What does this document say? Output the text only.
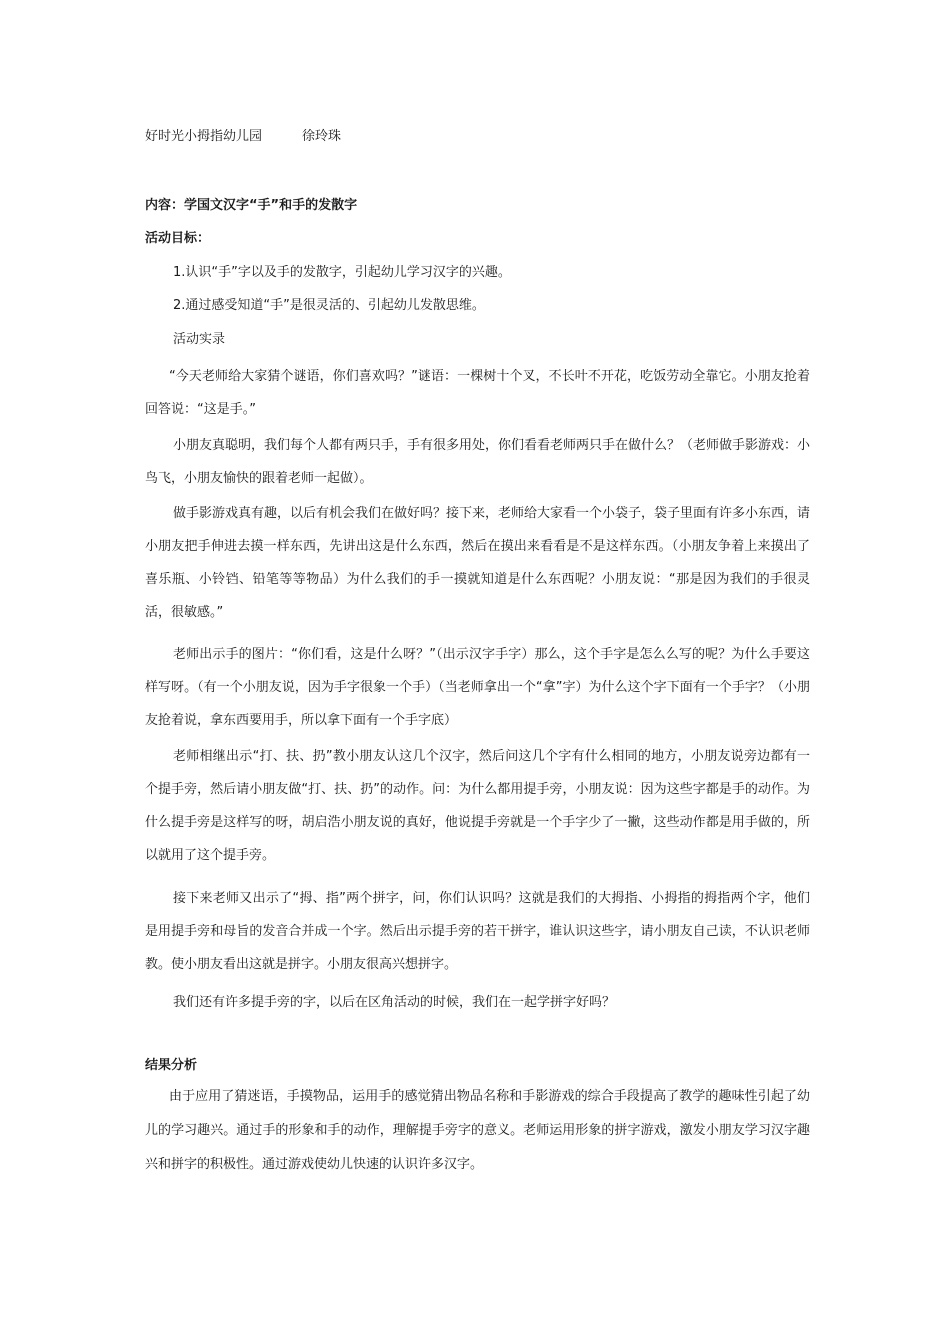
好时光小拇指幼儿园	徐玲珠
内容：学国文汉字“手”和手的发散字
活动目标：
1.认识“手”字以及手的发散字，引起幼儿学习汉字的兴趣。
2.通过感受知道“手”是很灵活的、引起幼儿发散思维。
活动实录
“今天老师给大家猜个谜语，你们喜欢吗？”谜语：一棵树十个叉，不长叶不开花，吃饭劳动全靠它。小朋友抢着回答说：“这是手。”
小朋友真聪明，我们每个人都有两只手，手有很多用处，你们看看老师两只手在做什么？（老师做手影游戏：小鸟飞，小朋友愉快的跟着老师一起做）。
做手影游戏真有趣，以后有机会我们在做好吗？接下来，老师给大家看一个小袋子，袋子里面有许多小东西，请小朋友把手伸进去摸一样东西，先讲出这是什么东西，然后在摸出来看看是不是这样东西。（小朋友争着上来摸出了喜乐瓶、小铃铛、铅笔等等物品）为什么我们的手一摸就知道是什么东西呢？小朋友说：“那是因为我们的手很灵活，很敏感。”
老师出示手的图片：“你们看，这是什么呀？”（出示汉字手字）那么，这个手字是怎么么写的呢？为什么手要这样写呀。（有一个小朋友说，因为手字很象一个手）（当老师拿出一个“拿”字）为什么这个字下面有一个手字？（小朋友抢着说，拿东西要用手，所以拿下面有一个手字底）
老师相继出示“打、扶、扔”教小朋友认这几个汉字，然后问这几个字有什么相同的地方，小朋友说旁边都有一个提手旁，然后请小朋友做“打、扶、扔”的动作。问：为什么都用提手旁，小朋友说：因为这些字都是手的动作。为什么提手旁是这样写的呀，胡启浩小朋友说的真好，他说提手旁就是一个手字少了一撇，这些动作都是用手做的，所以就用了这个提手旁。
接下来老师又出示了“拇、指”两个拼字，问，你们认识吗？这就是我们的大拇指、小拇指的拇指两个字，他们是用提手旁和母旨的发音合并成一个字。然后出示提手旁的若干拼字，谁认识这些字，请小朋友自己读，不认识老师教。使小朋友看出这就是拼字。小朋友很高兴想拼字。
我们还有许多提手旁的字，以后在区角活动的时候，我们在一起学拼字好吗？
结果分析
由于应用了猜迷语，手摸物品，运用手的感觉猜出物品名称和手影游戏的综合手段提高了教学的趣味性引起了幼儿的学习趣兴。通过手的形象和手的动作，理解提手旁字的意义。老师运用形象的拼字游戏，激发小朋友学习汉字趣兴和拼字的积极性。通过游戏使幼儿快速的认识许多汉字。
